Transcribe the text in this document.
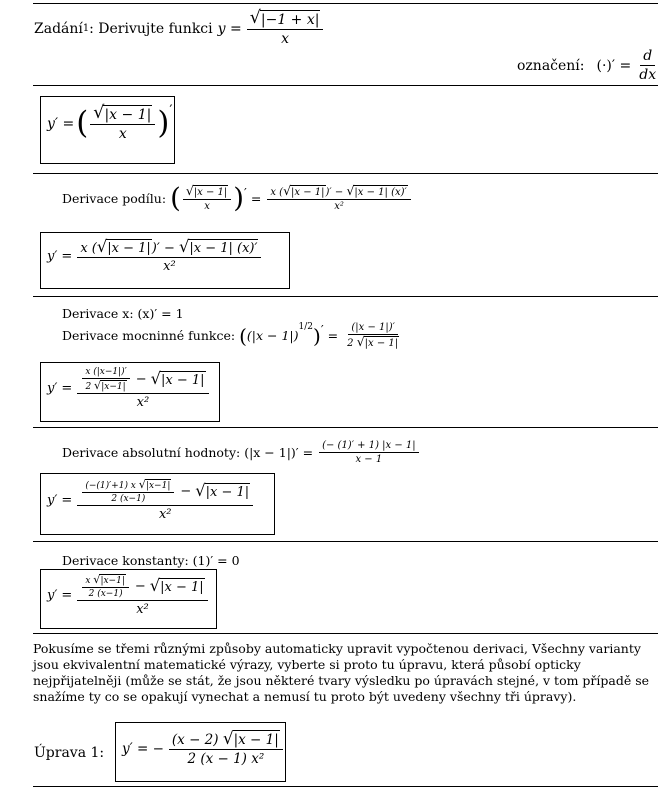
Zadání 1 : Derivujte funkci $y = \frac{√ |-1 + x|}{x}$
označení: (·)′ = $\frac{d}{dx}$
y′ = ( $\frac{√ |x - 1|}{x}$ ) ′
Derivace podílu: ( $\frac{√ |x - 1|}{x}$ ) ′ = $\frac{x ( √ |x - 1| )' - √ |x - 1| (x)'}{\text{x²}}$
$y' = \frac{x ( √ |x - 1| )' - √ |x - 1| (x)'}{\text{x²}}$
Derivace x: (x)′ = 1
Derivace mocninné funkce: ( (|x − 1|)
$^{1/2}$ ) ′ = $\frac{(|x - 1|)'}{2 √ |x - 1|}$
$y' = \frac{x (|x-1|)'}{2 √ |x-1|}$ − √ |x − 1|
x²
Derivace absolutní hodnoty: $(|x - 1|)' = \frac{(- (1)' + 1) |x - 1|}{x - 1}$
$y' = \frac{(-(1)'+1) x √ |x-1|}{2 (x-1)}$ − √ |x − 1|
x²
Derivace konstanty: (1)′ = 0
$y' = \frac{x √ |x-1|}{2 (x-1)}$ − √ |x − 1|
x²
Pokusíme se třemi různými způsoby automaticky upravit vypočtenou derivaci, Všechny varianty jsou ekvivalentní matematické výrazy, vyberte si proto tu úpravu, která působí opticky nejpřijatelněji (může se stát, že jsou některé tvary výsledku po úpravách stejné, v tom případě se snažíme ty co se opakují vynechat a nemusí tu proto být uvedeny všechny tři úpravy).
Úprava 1: y′ = − $\frac{(x - 2) √ |x - 1|}{\text{2 (x − 1) x²}}$
